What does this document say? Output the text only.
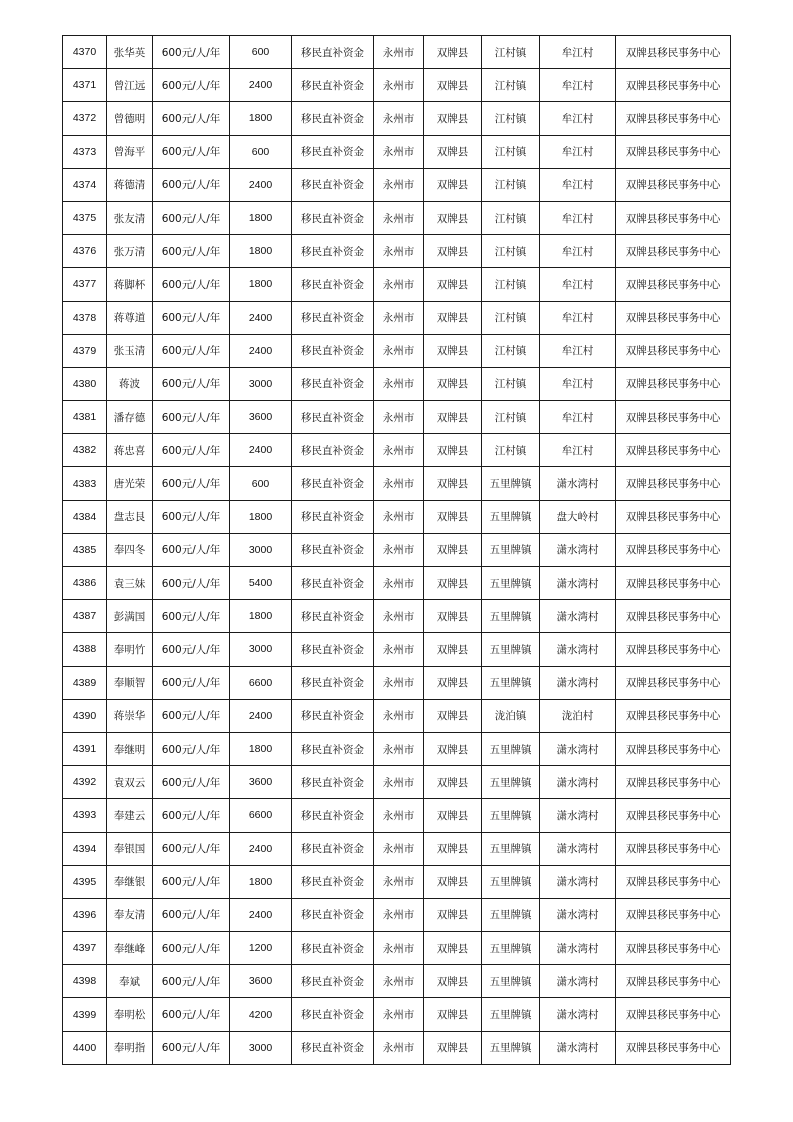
4370	张华英	600元/人/年	600	移民直补资金	永州市	双牌县	江村镇	牟江村	双牌县移民事务中心
4371	曾江远	600元/人/年	2400	移民直补资金	永州市	双牌县	江村镇	牟江村	双牌县移民事务中心
4372	曾德明	600元/人/年	1800	移民直补资金	永州市	双牌县	江村镇	牟江村	双牌县移民事务中心
4373	曾海平	600元/人/年	600	移民直补资金	永州市	双牌县	江村镇	牟江村	双牌县移民事务中心
4374	蒋德清	600元/人/年	2400	移民直补资金	永州市	双牌县	江村镇	牟江村	双牌县移民事务中心
4375	张友清	600元/人/年	1800	移民直补资金	永州市	双牌县	江村镇	牟江村	双牌县移民事务中心
4376	张万清	600元/人/年	1800	移民直补资金	永州市	双牌县	江村镇	牟江村	双牌县移民事务中心
4377	蒋脚杯	600元/人/年	1800	移民直补资金	永州市	双牌县	江村镇	牟江村	双牌县移民事务中心
4378	蒋尊道	600元/人/年	2400	移民直补资金	永州市	双牌县	江村镇	牟江村	双牌县移民事务中心
4379	张玉清	600元/人/年	2400	移民直补资金	永州市	双牌县	江村镇	牟江村	双牌县移民事务中心
4380	蒋波	600元/人/年	3000	移民直补资金	永州市	双牌县	江村镇	牟江村	双牌县移民事务中心
4381	潘存德	600元/人/年	3600	移民直补资金	永州市	双牌县	江村镇	牟江村	双牌县移民事务中心
4382	蒋忠喜	600元/人/年	2400	移民直补资金	永州市	双牌县	江村镇	牟江村	双牌县移民事务中心
4383	唐光荣	600元/人/年	600	移民直补资金	永州市	双牌县	五里牌镇	潇水湾村	双牌县移民事务中心
4384	盘志艮	600元/人/年	1800	移民直补资金	永州市	双牌县	五里牌镇	盘大岭村	双牌县移民事务中心
4385	奉四冬	600元/人/年	3000	移民直补资金	永州市	双牌县	五里牌镇	潇水湾村	双牌县移民事务中心
4386	袁三妹	600元/人/年	5400	移民直补资金	永州市	双牌县	五里牌镇	潇水湾村	双牌县移民事务中心
4387	彭满国	600元/人/年	1800	移民直补资金	永州市	双牌县	五里牌镇	潇水湾村	双牌县移民事务中心
4388	奉明竹	600元/人/年	3000	移民直补资金	永州市	双牌县	五里牌镇	潇水湾村	双牌县移民事务中心
4389	奉顺智	600元/人/年	6600	移民直补资金	永州市	双牌县	五里牌镇	潇水湾村	双牌县移民事务中心
4390	蒋崇华	600元/人/年	2400	移民直补资金	永州市	双牌县	泷泊镇	泷泊村	双牌县移民事务中心
4391	奉继明	600元/人/年	1800	移民直补资金	永州市	双牌县	五里牌镇	潇水湾村	双牌县移民事务中心
4392	袁双云	600元/人/年	3600	移民直补资金	永州市	双牌县	五里牌镇	潇水湾村	双牌县移民事务中心
4393	奉建云	600元/人/年	6600	移民直补资金	永州市	双牌县	五里牌镇	潇水湾村	双牌县移民事务中心
4394	奉银国	600元/人/年	2400	移民直补资金	永州市	双牌县	五里牌镇	潇水湾村	双牌县移民事务中心
4395	奉继银	600元/人/年	1800	移民直补资金	永州市	双牌县	五里牌镇	潇水湾村	双牌县移民事务中心
4396	奉友清	600元/人/年	2400	移民直补资金	永州市	双牌县	五里牌镇	潇水湾村	双牌县移民事务中心
4397	奉继峰	600元/人/年	1200	移民直补资金	永州市	双牌县	五里牌镇	潇水湾村	双牌县移民事务中心
4398	奉斌	600元/人/年	3600	移民直补资金	永州市	双牌县	五里牌镇	潇水湾村	双牌县移民事务中心
4399	奉明松	600元/人/年	4200	移民直补资金	永州市	双牌县	五里牌镇	潇水湾村	双牌县移民事务中心
4400	奉明指	600元/人/年	3000	移民直补资金	永州市	双牌县	五里牌镇	潇水湾村	双牌县移民事务中心
